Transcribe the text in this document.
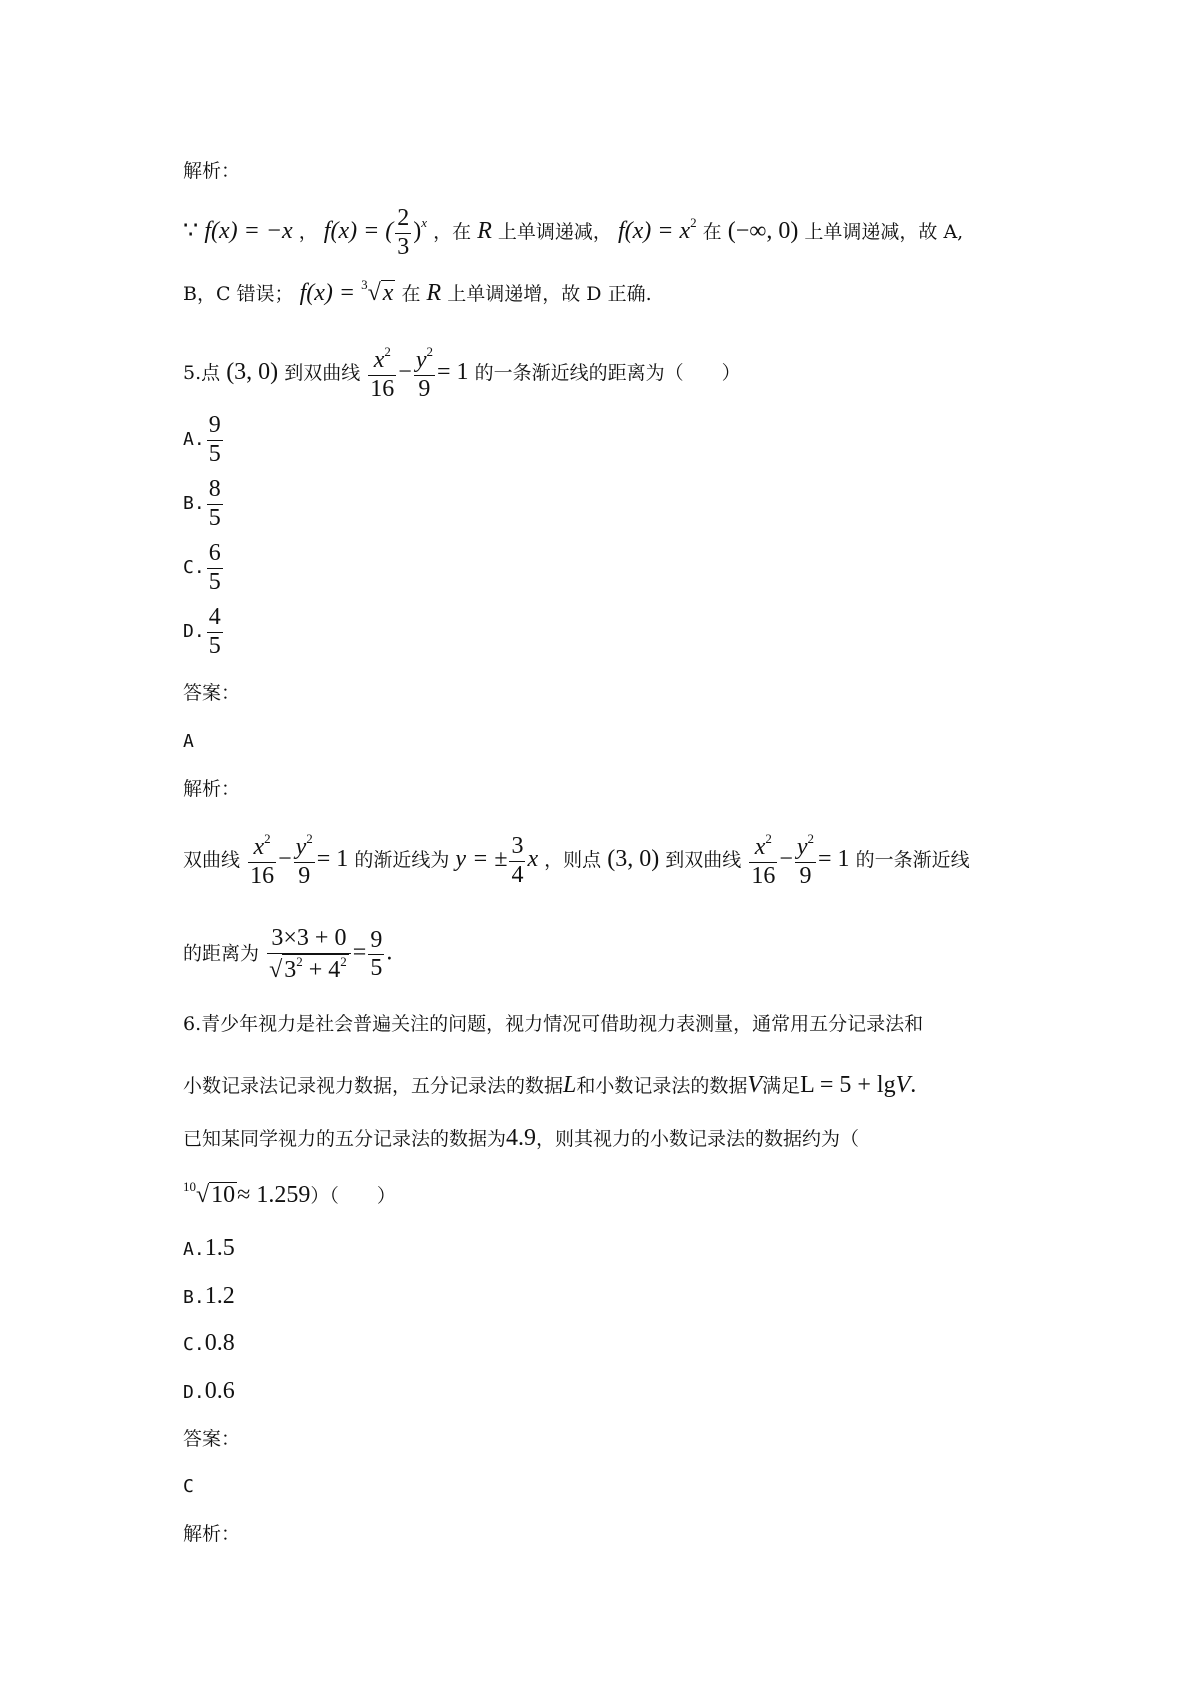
解析：
∵ f(x) = −x ， f(x) = ( $\frac{2}{3} )^x$ ，在 R 上单调递减， $f(x) = x^2$ 在 (−∞, 0) 上单调递减，故 A,
B，C 错误； f(x) = $^3$√x 在 R 上单调递增，故 D 正确.
5.点 (3, 0) 到双曲线 $\frac{x^2}{16} - \frac{y^2}{9} = 1$ 的一条渐近线的距离为（　　）
A. $\frac{9}{5}$
B. $\frac{8}{5}$
C. $\frac{6}{5}$
D. $\frac{4}{5}$
答案：
A
解析：
双曲线 $\frac{x^2}{16} - \frac{y^2}{9} = 1$ 的渐近线为 y = ± $\frac{3}{4}$ x ，则点 (3, 0) 到双曲线 $\frac{x^2}{16} - \frac{y^2}{9} = 1$ 的一条渐近线
的距离为 $\frac{3\times 3 + 0}{√3^2 + 4^2} = \frac{9}{5}$ .
6.青少年视力是社会普遍关注的问题，视力情况可借助视力表测量，通常用五分记录法和
小数记录法记录视力数据，五分记录法的数据L和小数记录法的数据V满足L = 5 + lgV.
已知某同学视力的五分记录法的数据为4.9，则其视力的小数记录法的数据约为（
$^{10}$√10≈ 1.259）（　　）
A.1.5
B.1.2
C.0.8
D.0.6
答案：
C
解析：
